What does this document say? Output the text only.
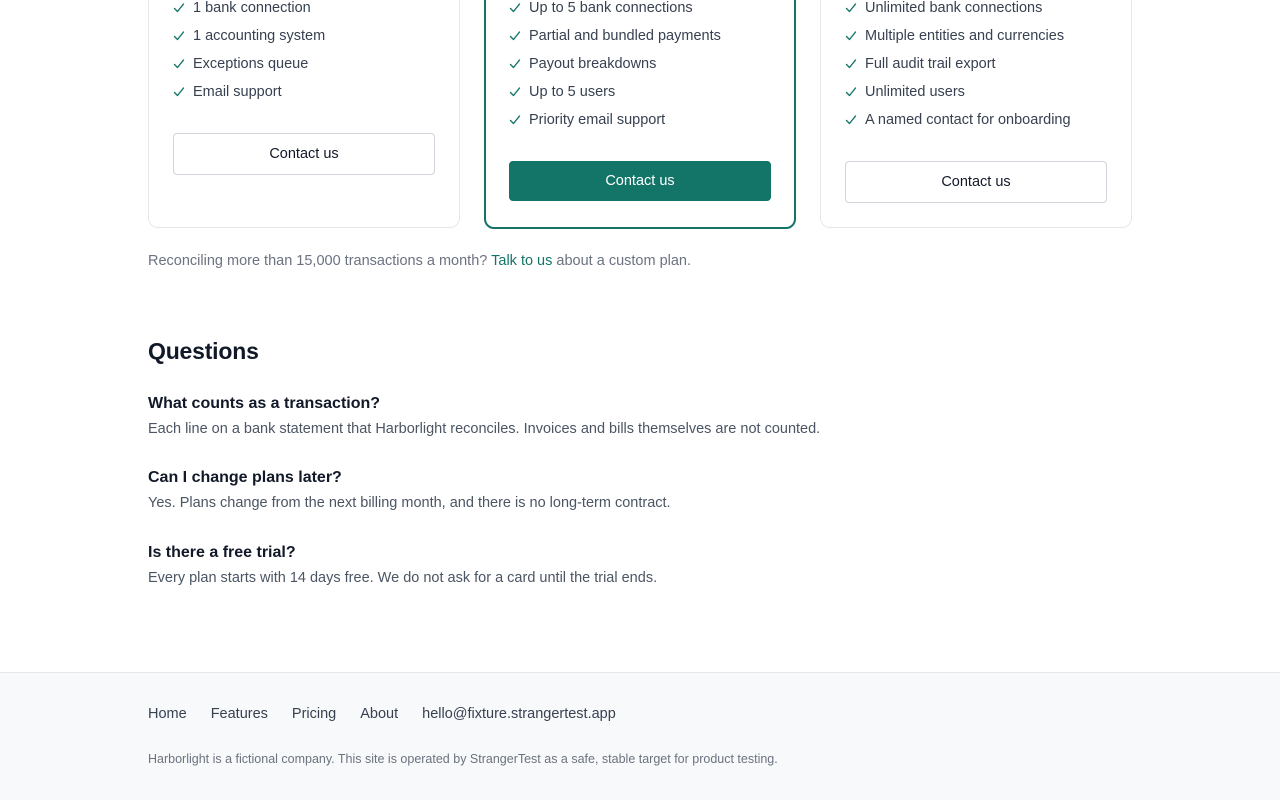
1 bank connection
1 accounting system
Exceptions queue
Email support
Contact us
Up to 5 bank connections
Partial and bundled payments
Payout breakdowns
Up to 5 users
Priority email support
Contact us
Unlimited bank connections
Multiple entities and currencies
Full audit trail export
Unlimited users
A named contact for onboarding
Contact us

Reconciling more than 15,000 transactions a month? Talk to us about a custom plan.

Questions
What counts as a transaction?

Each line on a bank statement that Harborlight reconciles. Invoices and bills themselves are not counted.

Can I change plans later?

Yes. Plans change from the next billing month, and there is no long-term contract.

Is there a free trial?

Every plan starts with 14 days free. We do not ask for a card until the trial ends.

Home Features Pricing About hello@fixture.strangertest.app

Harborlight is a fictional company. This site is operated by StrangerTest as a safe, stable target for product testing.
